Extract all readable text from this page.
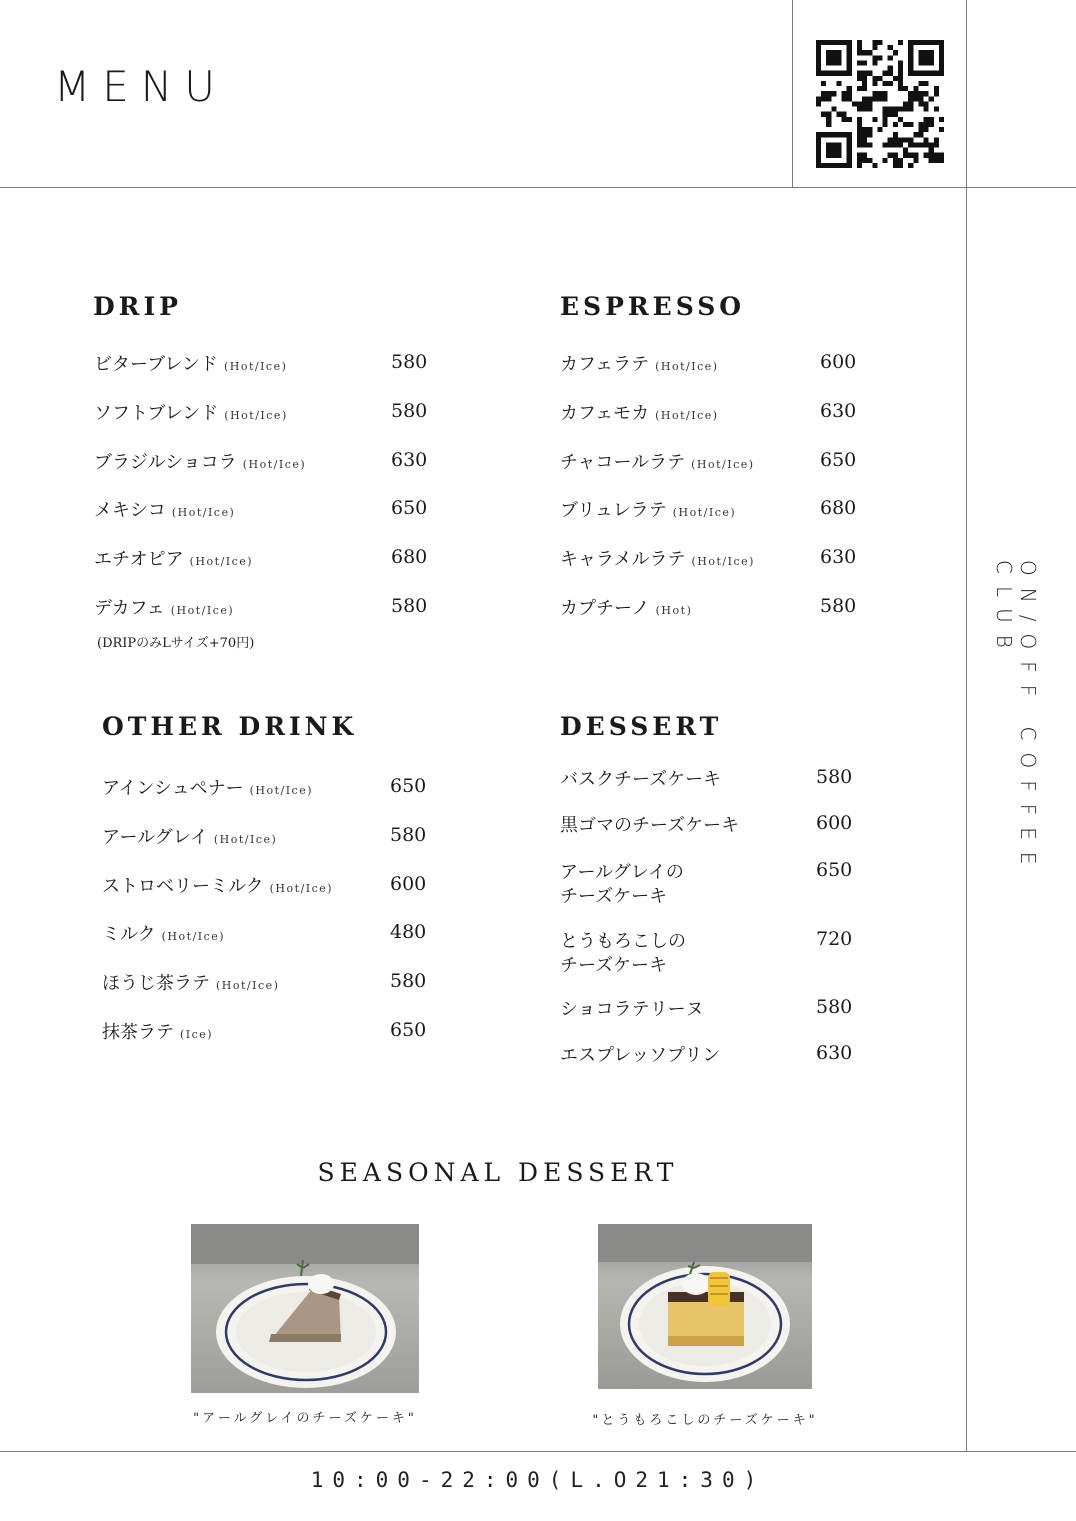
MENU
ON/OFF COFFEE CLUB
DRIP
ビターブレンド (Hot/Ice)	580
ソフトブレンド (Hot/Ice)	580
ブラジルショコラ (Hot/Ice)	630
メキシコ (Hot/Ice)	650
エチオピア (Hot/Ice)	680
デカフェ (Hot/Ice)	580
(DRIPのみLサイズ+70円)
ESPRESSO
カフェラテ (Hot/Ice)	600
カフェモカ (Hot/Ice)	630
チャコールラテ (Hot/Ice)	650
ブリュレラテ (Hot/Ice)	680
キャラメルラテ (Hot/Ice)	630
カプチーノ (Hot)	580
OTHER DRINK
アインシュペナー (Hot/Ice)	650
アールグレイ (Hot/Ice)	580
ストロベリーミルク (Hot/Ice)	600
ミルク (Hot/Ice)	480
ほうじ茶ラテ (Hot/Ice)	580
抹茶ラテ (Ice)	650
DESSERT
バスクチーズケーキ	580
黒ゴマのチーズケーキ	600
アールグレイの
チーズケーキ
650
とうもろこしの
チーズケーキ
720
ショコラテリーヌ	580
エスプレッソプリン	630
SEASONAL DESSERT
"アールグレイのチーズケーキ"	"とうもろこしのチーズケーキ"
10:00-22:00(L.O21:30)
